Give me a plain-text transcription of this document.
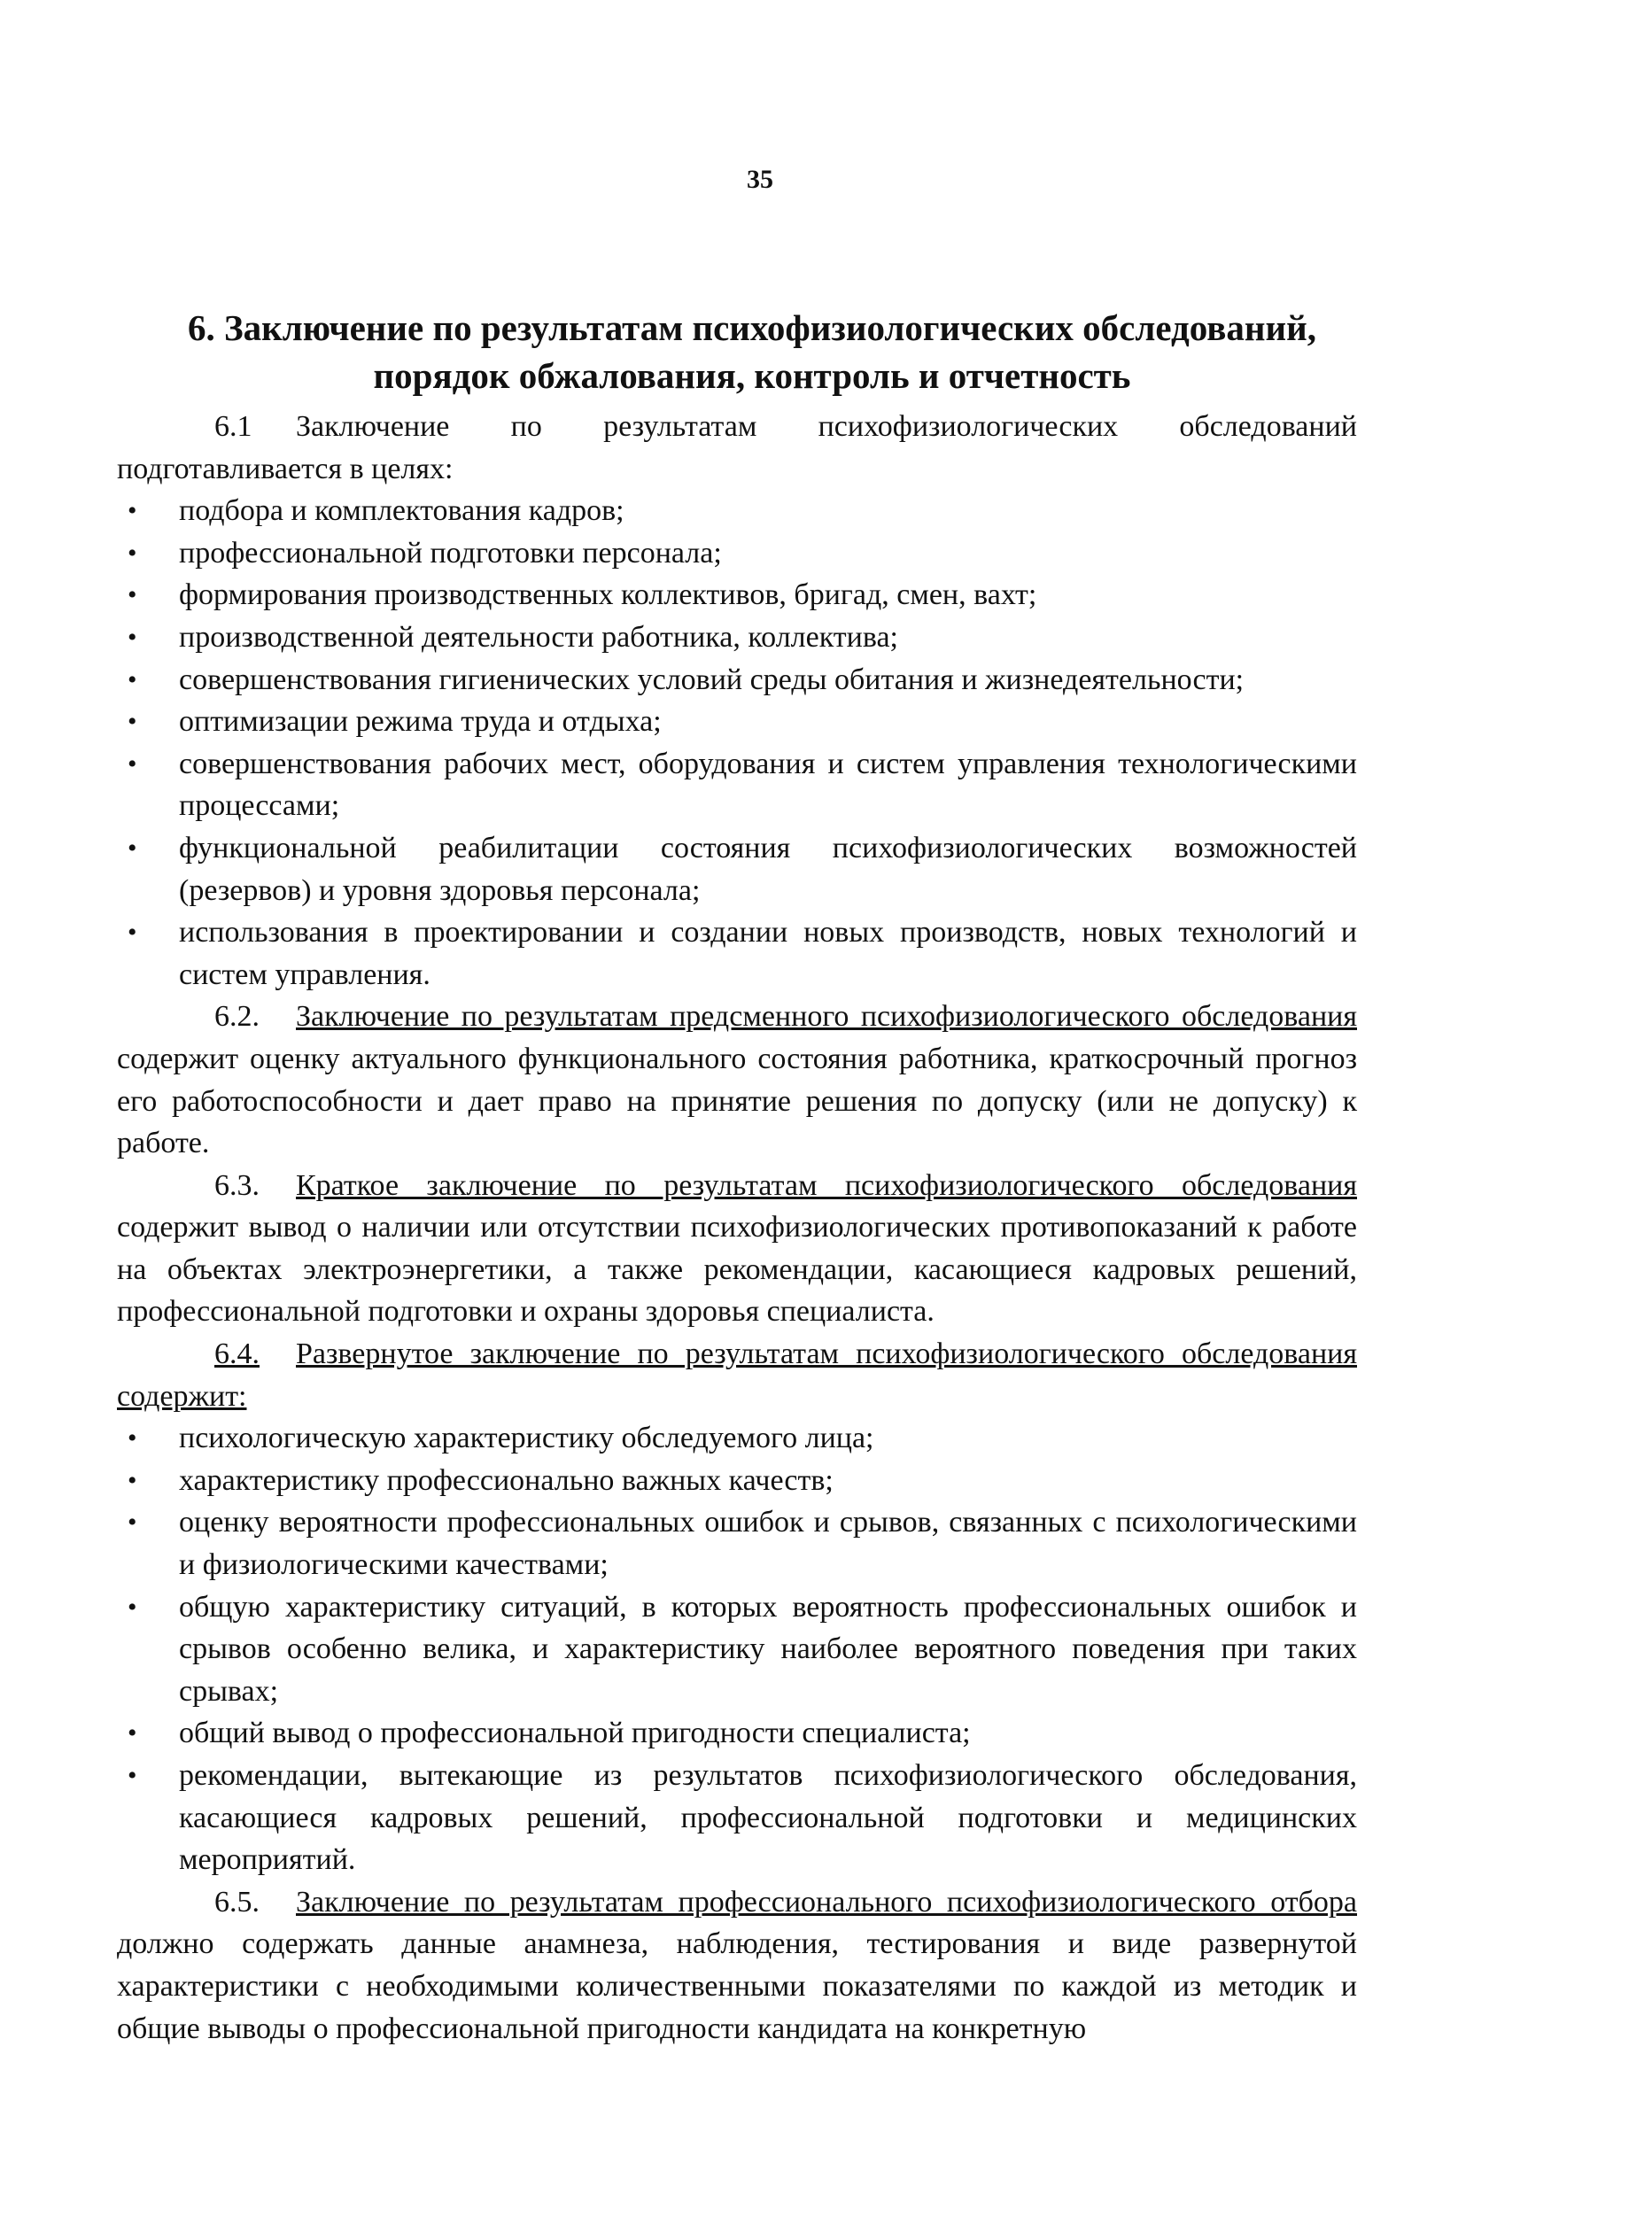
35
6. Заключение по результатам психофизиологических обследований, порядок обжалования, контроль и отчетность

6.1 Заключение по результатам психофизиологических обследований подготавливается в целях:

• подбора и комплектования кадров;
• профессиональной подготовки персонала;
• формирования производственных коллективов, бригад, смен, вахт;
• производственной деятельности работника, коллектива;
• совершенствования гигиенических условий среды обитания и жизнедеятельности;
• оптимизации режима труда и отдыха;
• совершенствования рабочих мест, оборудования и систем управления технологическими процессами;
• функциональной реабилитации состояния психофизиологических возможностей (резервов) и уровня здоровья персонала;
• использования в проектировании и создании новых производств, новых технологий и систем управления.

6.2. Заключение по результатам предсменного психофизиологического обследования содержит оценку актуального функционального состояния работника, краткосрочный прогноз его работоспособности и дает право на принятие решения по допуску (или не допуску) к работе.

6.3. Краткое заключение по результатам психофизиологического обследования содержит вывод о наличии или отсутствии психофизиологических противопоказаний к работе на объектах электроэнергетики, а также рекомендации, касающиеся кадровых решений, профессиональной подготовки и охраны здоровья специалиста.

6.4. Развернутое заключение по результатам психофизиологического обследования содержит:

• психологическую характеристику обследуемого лица;
• характеристику профессионально важных качеств;
• оценку вероятности профессиональных ошибок и срывов, связанных с психологическими и физиологическими качествами;
• общую характеристику ситуаций, в которых вероятность профессиональных ошибок и срывов особенно велика, и характеристику наиболее вероятного поведения при таких срывах;
• общий вывод о профессиональной пригодности специалиста;
• рекомендации, вытекающие из результатов психофизиологического обследования, касающиеся кадровых решений, профессиональной подготовки и медицинских мероприятий.

6.5. Заключение по результатам профессионального психофизиологического отбора должно содержать данные анамнеза, наблюдения, тестирования и виде развернутой характеристики с необходимыми количественными показателями по каждой из методик и общие выводы о профессиональной пригодности кандидата на конкретную
